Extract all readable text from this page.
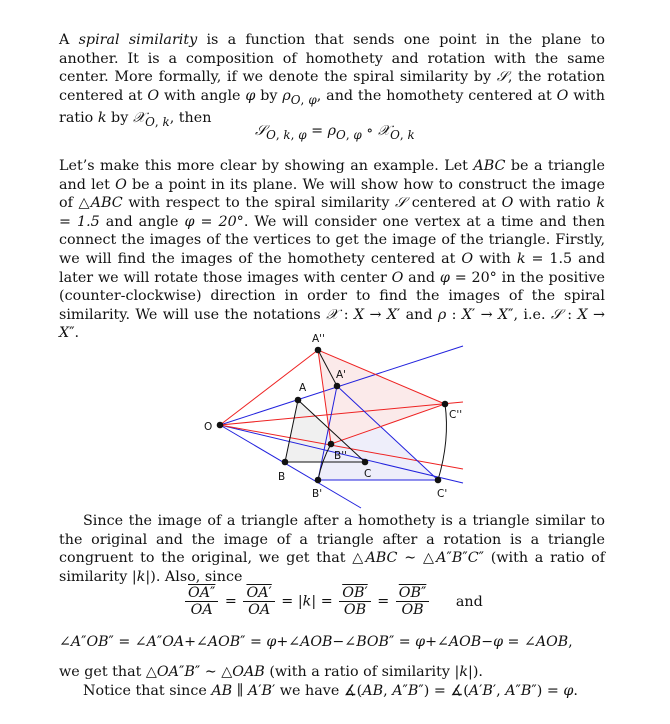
A spiral similarity is a function that sends one point in the plane to another. It is a composition of homothety and rotation with the same center. More formally, if we denote the spiral similarity by 𝒮, the rotation centered at O with angle φ by $\rho_{O, \varphi}$, and the homothety centered at O with ratio k by 𝒳$_{O, k}$, then

𝒮$_{O, k, \varphi}$ = $\rho_{O, \varphi}$ ∘ 𝒳$_{O, k}$

Let’s make this more clear by showing an example. Let ABC be a triangle and let O be a point in its plane. We will show how to construct the image of △ABC with respect to the spiral similarity 𝒮 centered at O with ratio k = 1.5 and angle φ = 20°. We will consider one vertex at a time and then connect the images of the vertices to get the image of the triangle. Firstly, we will find the images of the homothety centered at O with k = 1.5 and later we will rotate those images with center O and φ = 20° in the positive (counter-clockwise) direction in order to find the images of the spiral similarity. We will use the notations 𝒳 : X → X′ and ρ : X′ → X″, i.e. 𝒮 : X → X″.

O
A
B	C
A'
B'	C'
A''
B''
C''

Since the image of a triangle after a homothety is a triangle similar to the original and the image of a triangle after a rotation is a triangle congruent to the original, we get that △ABC ∼ △A″B″C″ (with a ratio of similarity |k|). Also, since

$\frac{OA''}{OA} = \frac{OA'}{OA} = |k| = \frac{OB'}{OB} = \frac{OB''}{OB}$ and
∠A″OB″ = ∠A″OA+∠AOB″ = φ+∠AOB−∠BOB″ = φ+∠AOB−φ = ∠AOB,

we get that △OA″B″ ∼ △OAB (with a ratio of similarity |k|).

Notice that since AB ∥ A′B′ we have ∡(AB, A″B″) = ∡(A′B′, A″B″) = φ.
